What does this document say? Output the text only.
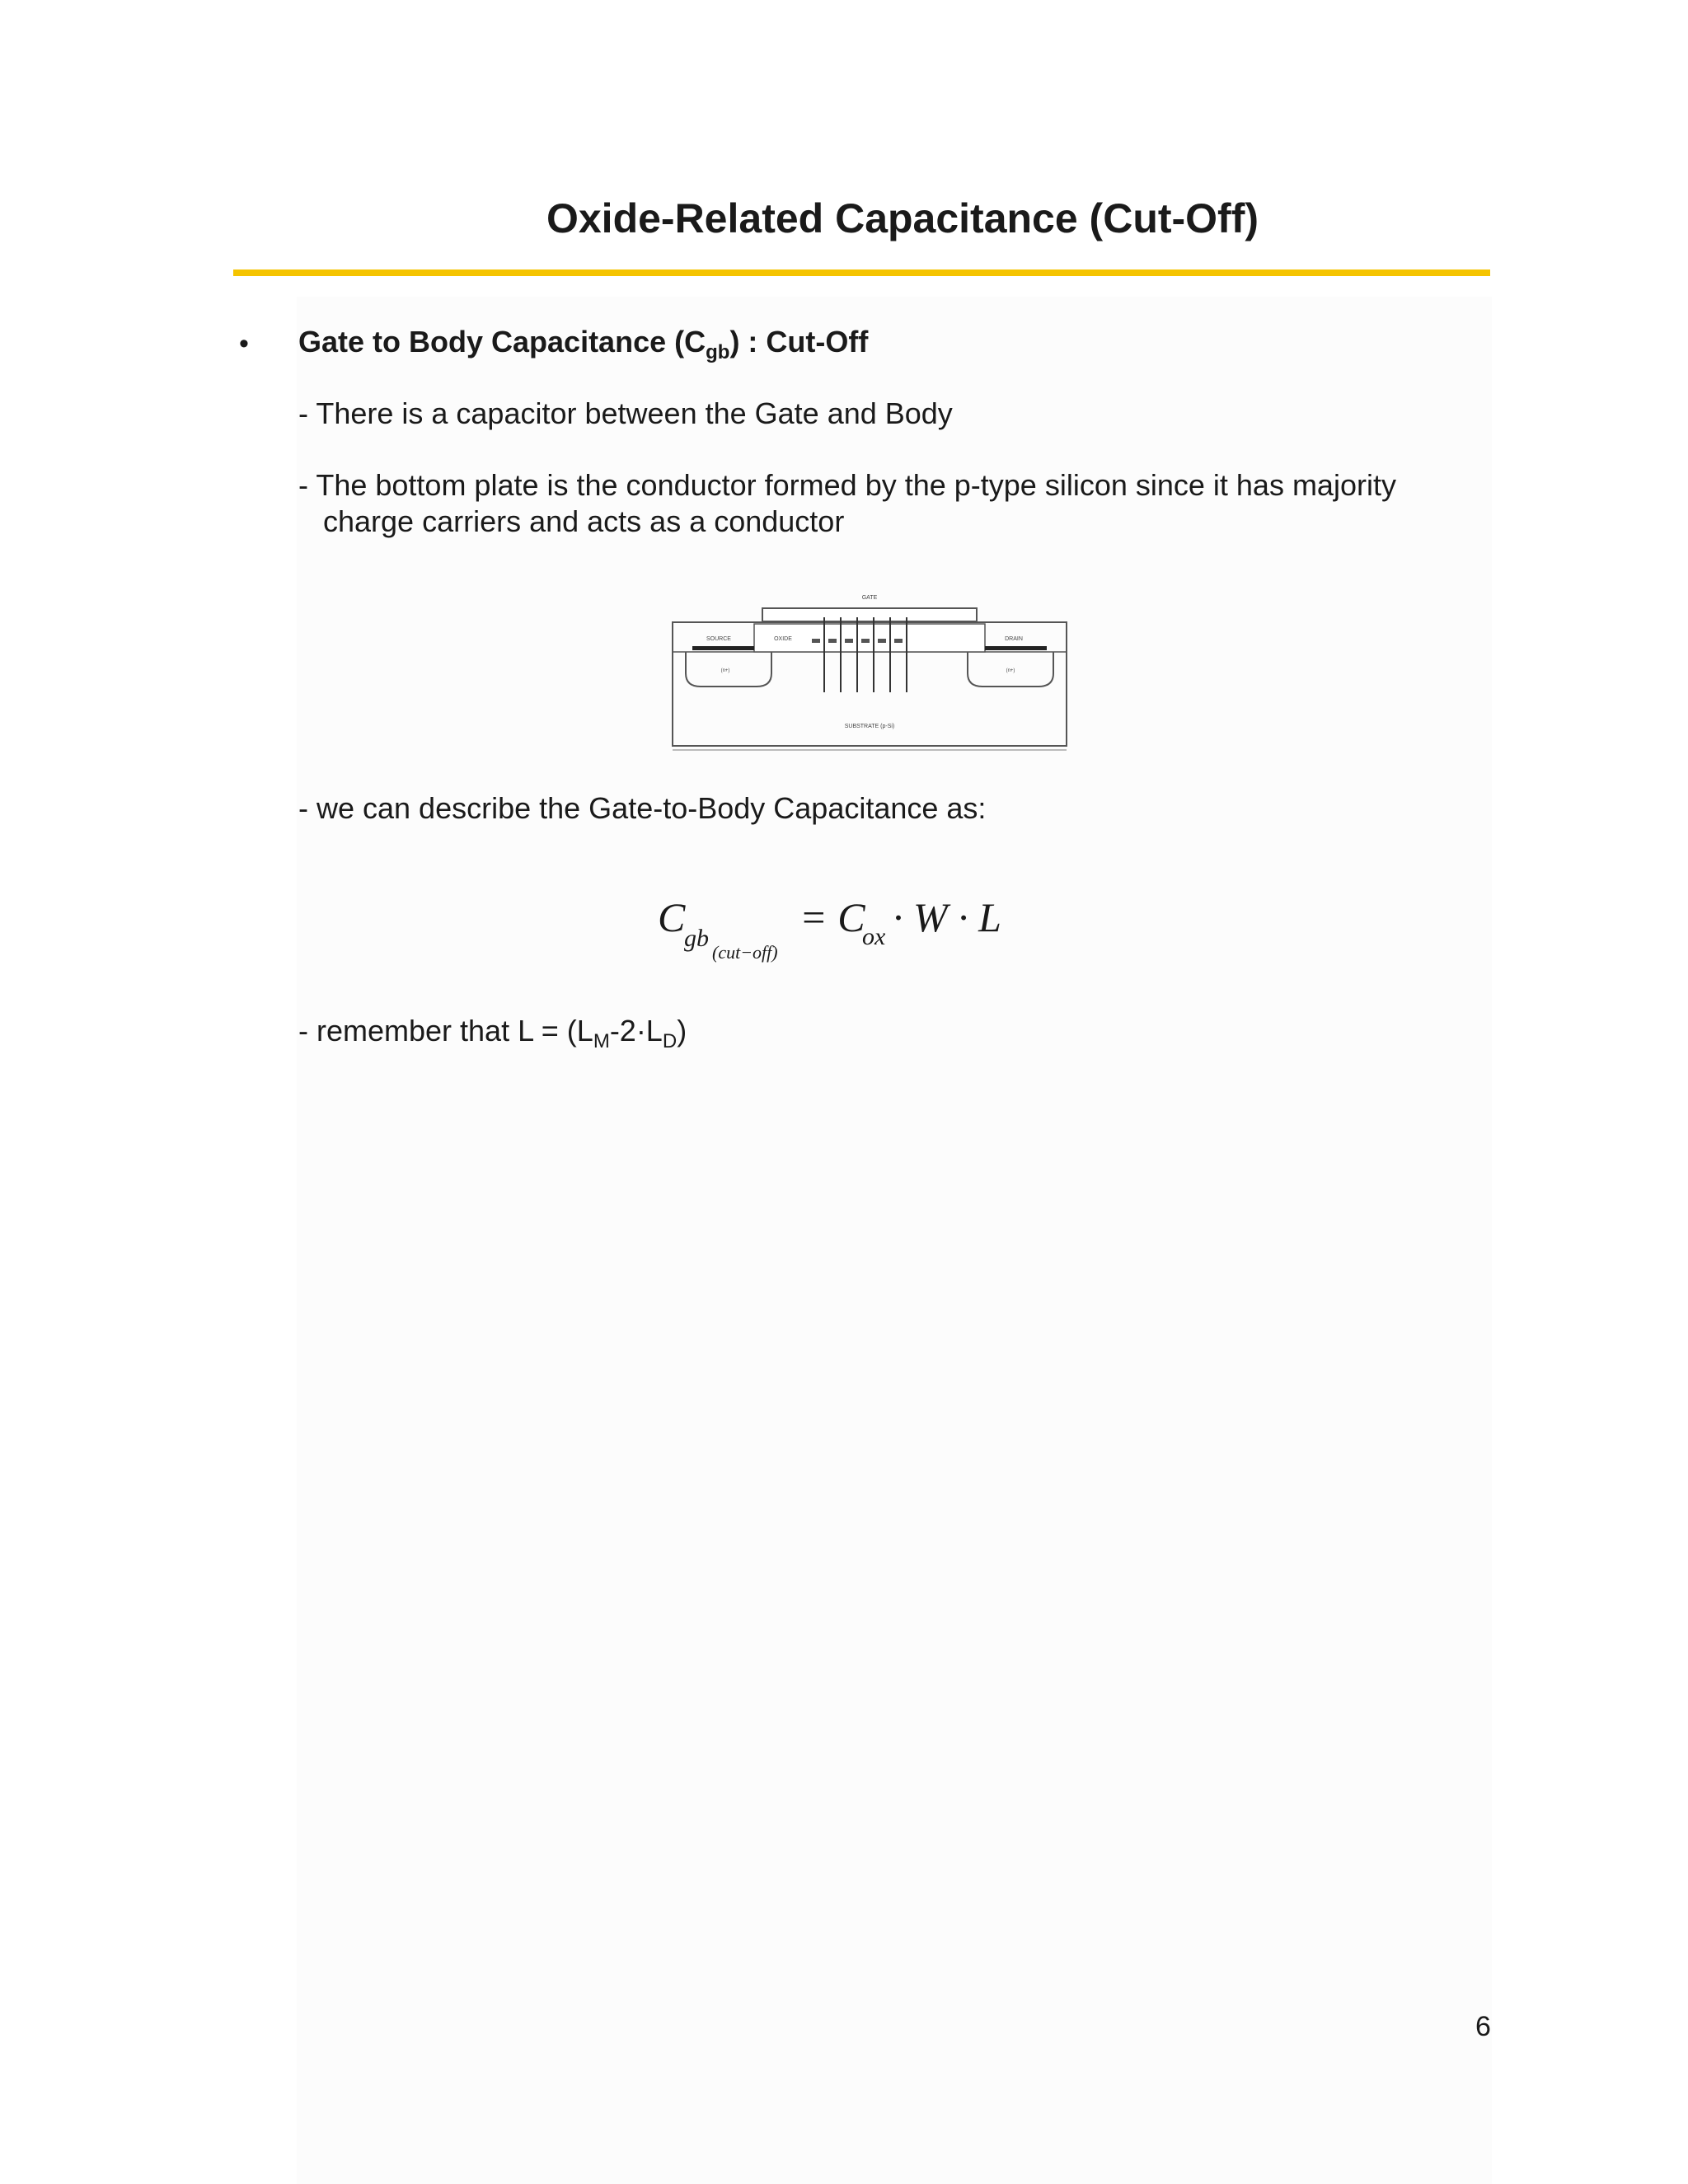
Oxide-Related Capacitance (Cut-Off)
• Gate to Body Capacitance $(C_{gb})$ : Cut-Off
- There is a capacitor between the Gate and Body
- The bottom plate is the conductor formed by the p-type silicon since it has majority
charge carriers and acts as a conductor
GATE
OXIDE
SOURCE	DRAIN
(n+)	(n+)
SUBSTRATE (p-Si)
- we can describe the Gate-to-Body Capacitance as:
C
gb
(cut−off)
= C
ox · W · L
- remember that $L = (L_M-2\cdot L_D)$
6
